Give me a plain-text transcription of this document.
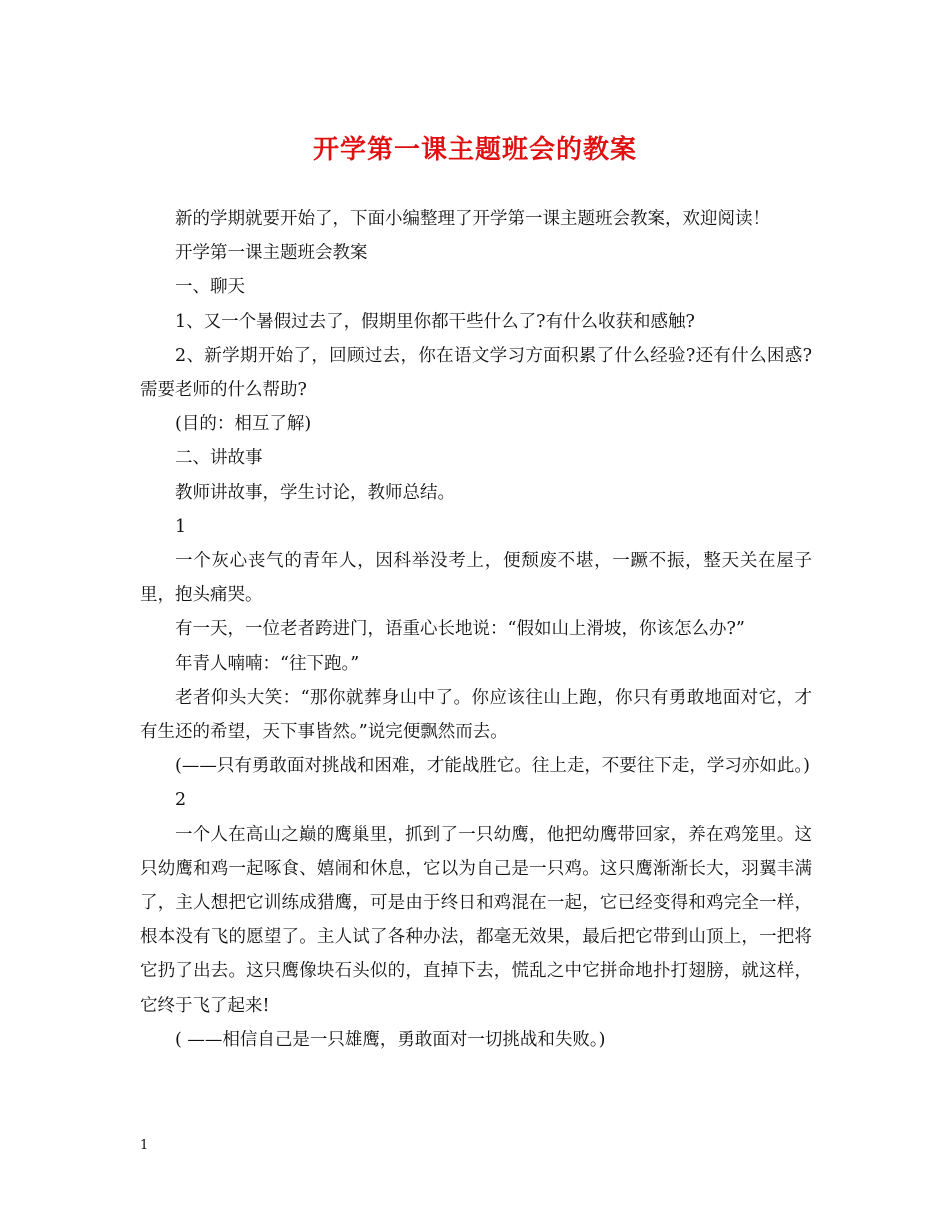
开学第一课主题班会的教案

新的学期就要开始了，下面小编整理了开学第一课主题班会教案，欢迎阅读！

开学第一课主题班会教案

一、聊天

1、又一个暑假过去了，假期里你都干些什么了?有什么收获和感触?

2、新学期开始了，回顾过去，你在语文学习方面积累了什么经验?还有什么困惑?需要老师的什么帮助?

(目的：相互了解)

二、讲故事

教师讲故事，学生讨论，教师总结。

1

一个灰心丧气的青年人，因科举没考上，便颓废不堪，一蹶不振，整天关在屋子里，抱头痛哭。

有一天，一位老者跨进门，语重心长地说：“假如山上滑坡，你该怎么办?”

年青人喃喃：“往下跑。”

老者仰头大笑：“那你就葬身山中了。你应该往山上跑，你只有勇敢地面对它，才有生还的希望，天下事皆然。”说完便飘然而去。

(——只有勇敢面对挑战和困难，才能战胜它。往上走，不要往下走，学习亦如此。)

2

一个人在高山之巅的鹰巢里，抓到了一只幼鹰，他把幼鹰带回家，养在鸡笼里。这只幼鹰和鸡一起啄食、嬉闹和休息，它以为自己是一只鸡。这只鹰渐渐长大，羽翼丰满了，主人想把它训练成猎鹰，可是由于终日和鸡混在一起，它已经变得和鸡完全一样，根本没有飞的愿望了。主人试了各种办法，都毫无效果，最后把它带到山顶上，一把将它扔了出去。这只鹰像块石头似的，直掉下去，慌乱之中它拼命地扑打翅膀，就这样，它终于飞了起来!

( ——相信自己是一只雄鹰，勇敢面对一切挑战和失败。)

1
